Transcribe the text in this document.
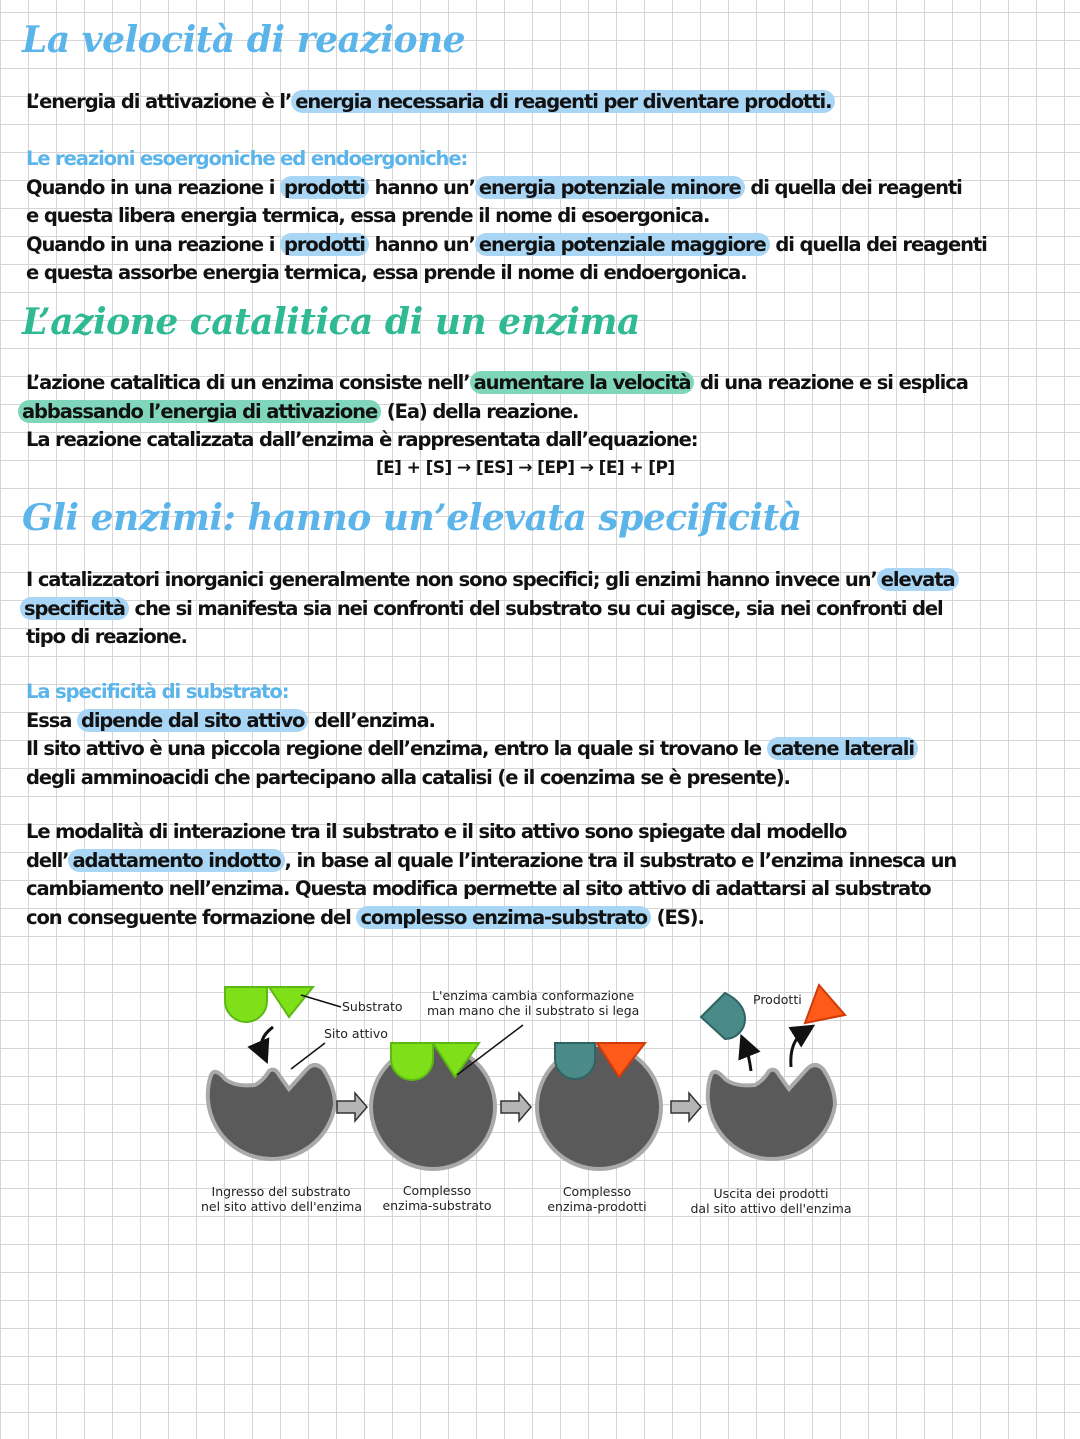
La velocità di reazione

L’energia di attivazione è l’ energia necessaria di reagenti per diventare prodotti.

Le reazioni esoergoniche ed endoergoniche:
Quando in una reazione i prodotti hanno un’ energia potenziale minore di quella dei reagenti
e questa libera energia termica, essa prende il nome di esoergonica.
Quando in una reazione i prodotti hanno un’ energia potenziale maggiore di quella dei reagenti
e questa assorbe energia termica, essa prende il nome di endoergonica.
L’azione catalitica di un enzima
L’azione catalitica di un enzima consiste nell’ aumentare la velocità di una reazione e si esplica
abbassando l’energia di attivazione (Ea) della reazione.
La reazione catalizzata dall’enzima è rappresentata dall’equazione:
[E] + [S] → [ES] → [EP] → [E] + [P]
Gli enzimi: hanno un’elevata specificità
I catalizzatori inorganici generalmente non sono specifici; gli enzimi hanno invece un’ elevata
specificità che si manifesta sia nei confronti del substrato su cui agisce, sia nei confronti del
tipo di reazione.
La specificità di substrato:
Essa dipende dal sito attivo dell’enzima.
Il sito attivo è una piccola regione dell’enzima, entro la quale si trovano le catene laterali
degli amminoacidi che partecipano alla catalisi (e il coenzima se è presente).
Le modalità di interazione tra il substrato e il sito attivo sono spiegate dal modello
dell’ adattamento indotto , in base al quale l’interazione tra il substrato e l’enzima innesca un
cambiamento nell’enzima. Questa modifica permette al sito attivo di adattarsi al substrato
con conseguente formazione del complesso enzima-substrato (ES).
Substrato
Sito attivo
L'enzima cambia conformazione
man mano che il substrato si lega
Prodotti
Ingresso del substrato
nel sito attivo dell'enzima
Complesso
enzima-substrato
Complesso
enzima-prodotti
Uscita dei prodotti
dal sito attivo dell'enzima
